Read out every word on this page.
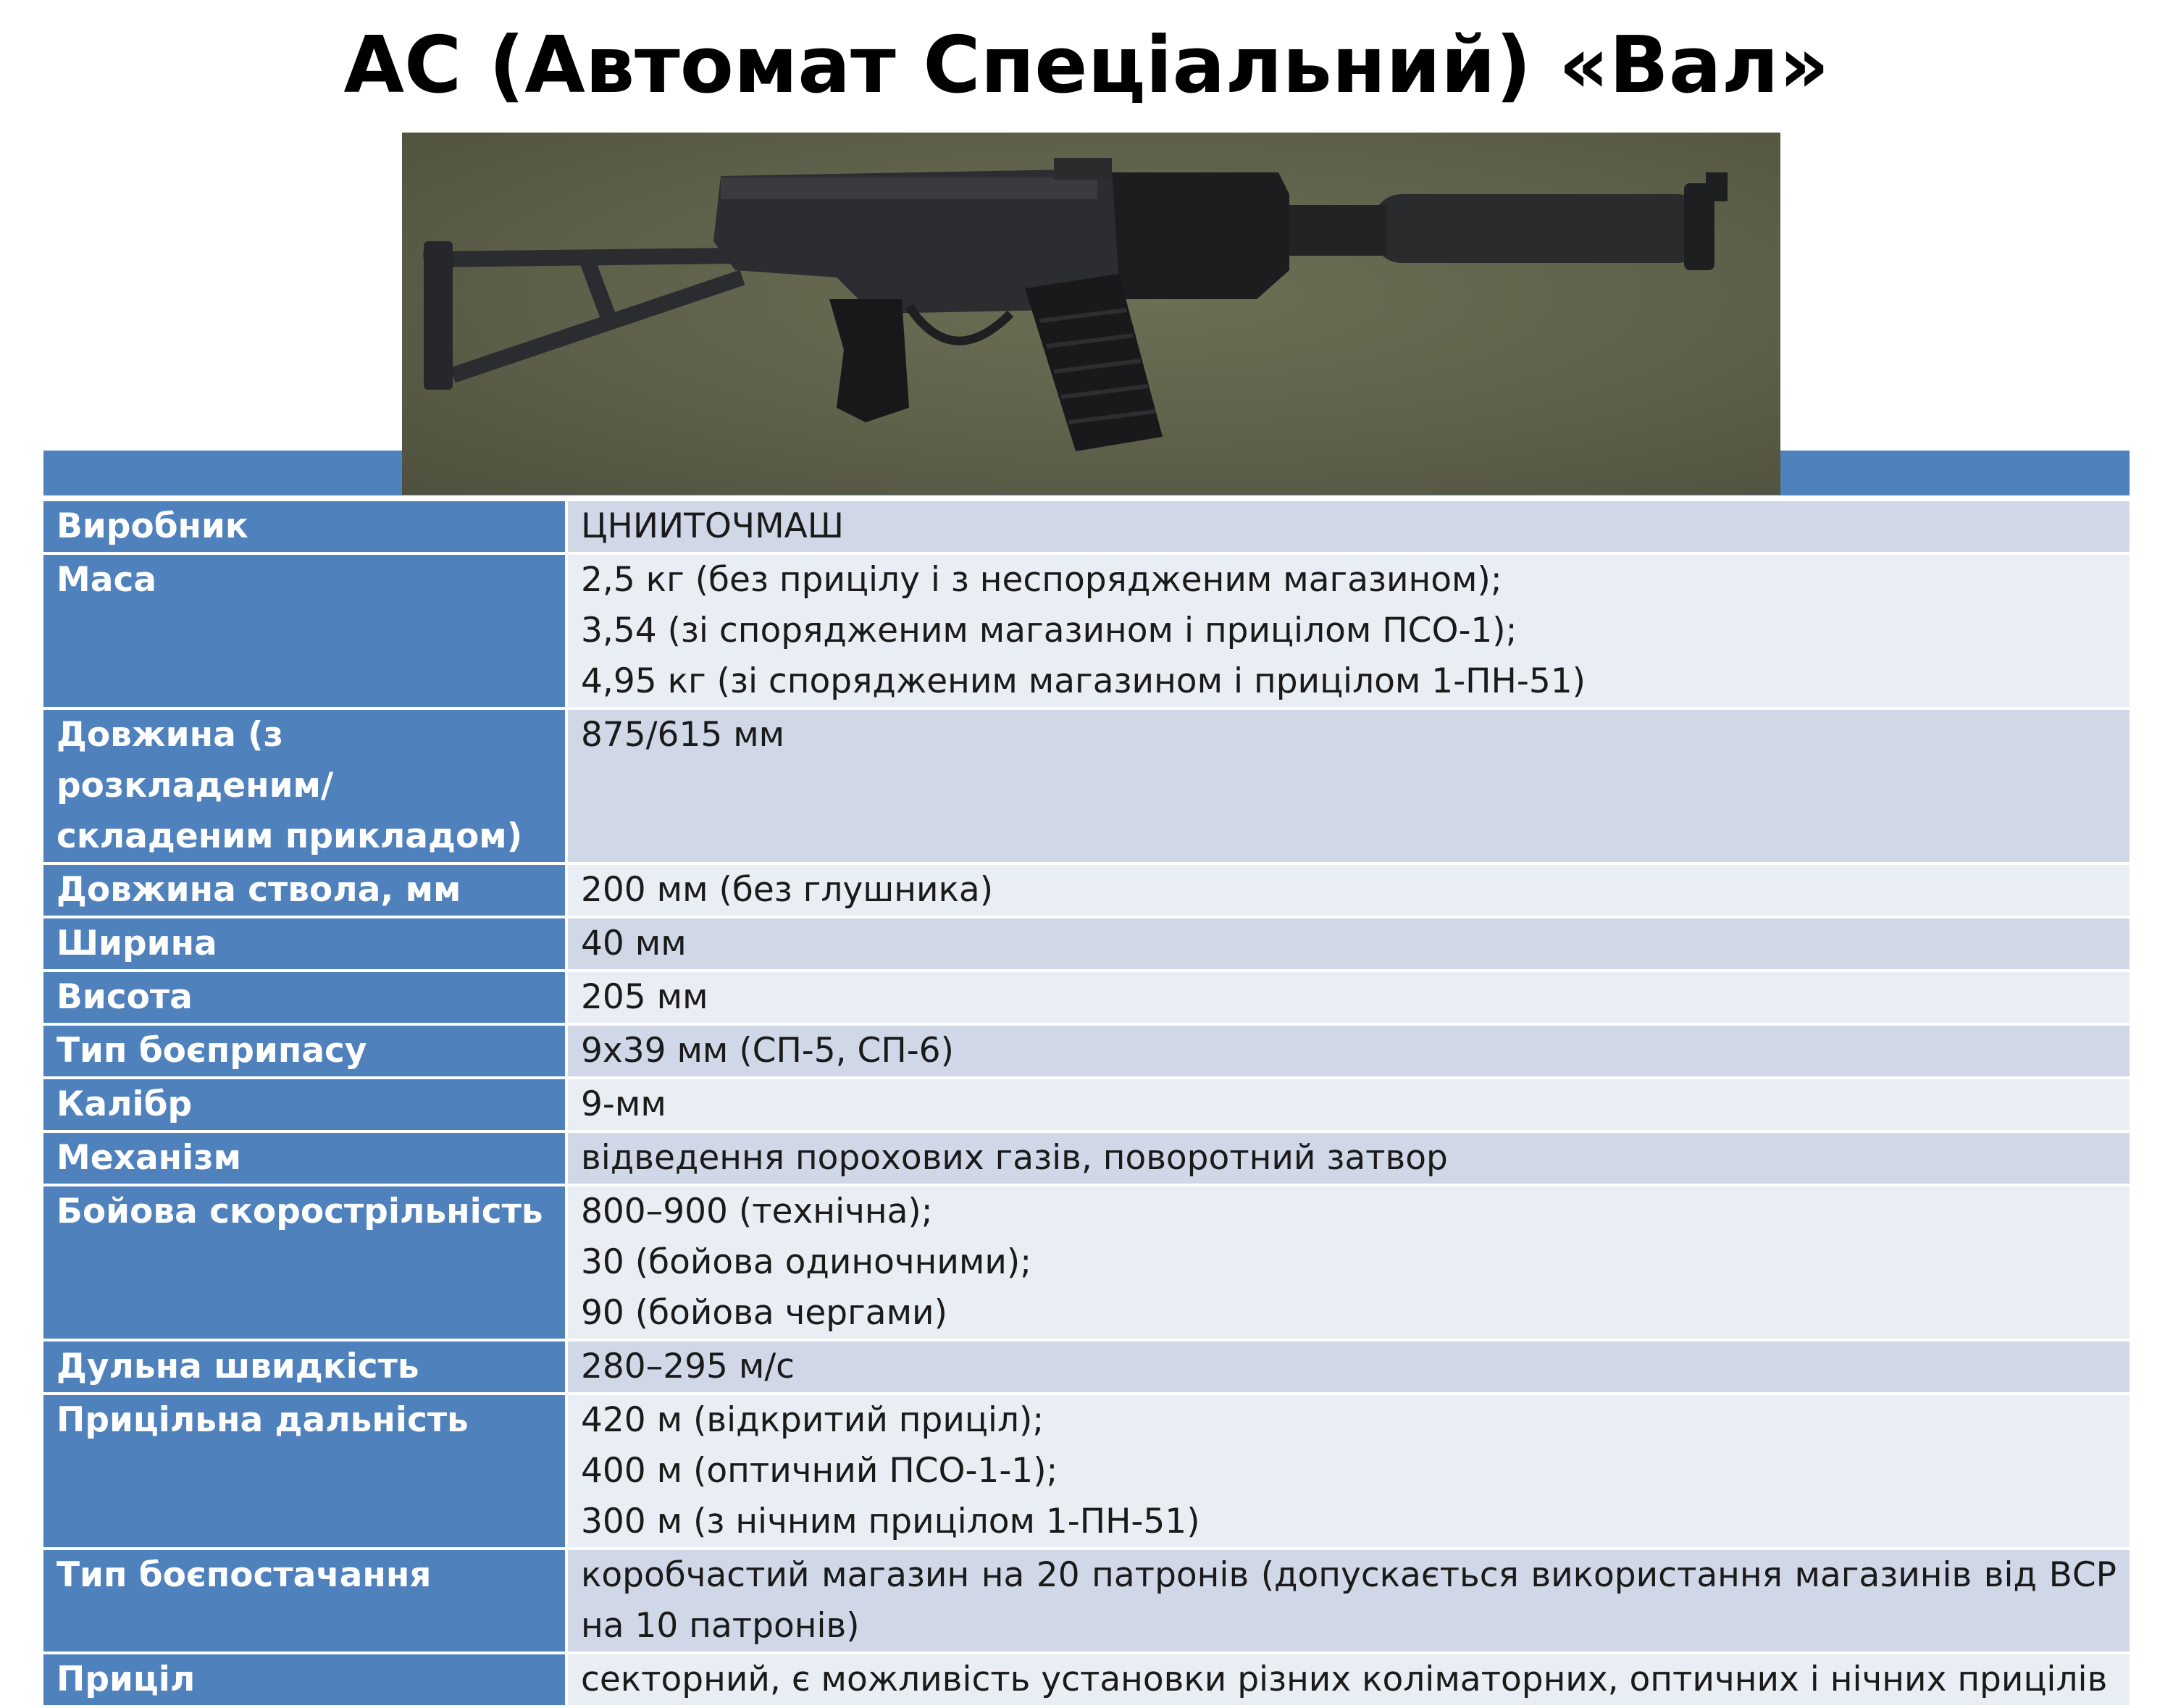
АС (Автомат Спеціальний) «Вал»
Виробник	ЦНИИТОЧМАШ

Маса	2,5 кг (без прицілу і з неспорядженим магазином);
3,54 (зі спорядженим магазином і прицілом ПСО-1);
4,95 кг (зі спорядженим магазином і прицілом 1-ПН-51)

Довжина (з розкладеним/ складеним прикладом)	875/615 мм

Довжина ствола, мм	200 мм (без глушника)

Ширина	40 мм

Висота	205 мм

Тип боєприпасу	9х39 мм (СП-5, СП-6)

Калібр	9-мм

Механізм	відведення порохових газів, поворотний затвор

Бойова скорострільність	800–900 (технічна);
30 (бойова одиночними);
90 (бойова чергами)

Дульна швидкість	280–295 м/с

Прицільна дальність	420 м (відкритий приціл);
400 м (оптичний ПСО-1-1);
300 м (з нічним прицілом 1-ПН-51)

Тип боєпостачання	коробчастий магазин на 20 патронів (допускається використання магазинів від ВСР на 10 патронів)

Приціл	секторний, є можливість установки різних коліматорних, оптичних і нічних прицілів
